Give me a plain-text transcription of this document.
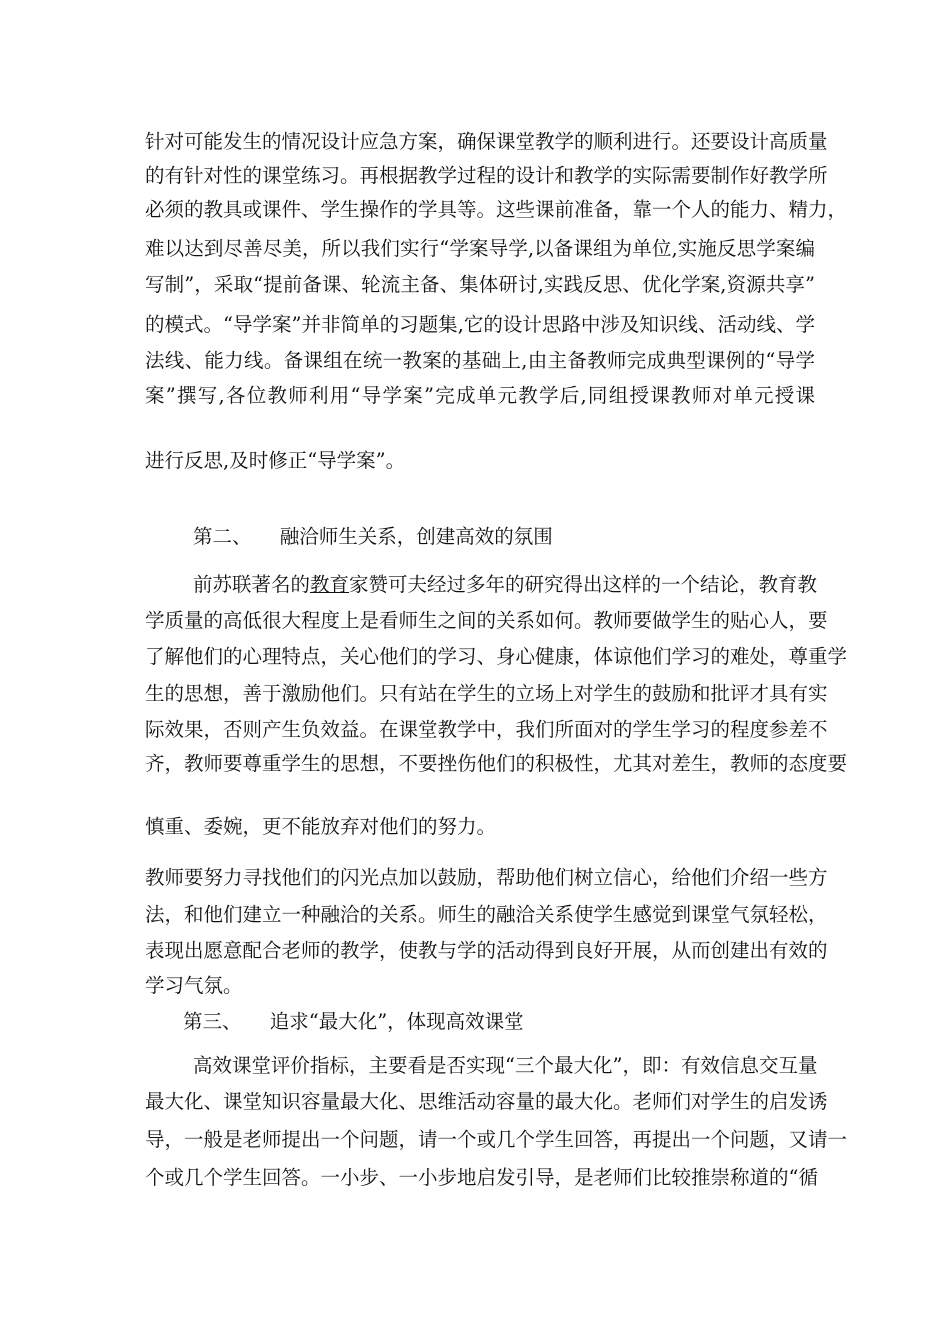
针对可能发生的情况设计应急方案，确保课堂教学的顺利进行。还要设计高质量
的有针对性的课堂练习。再根据教学过程的设计和教学的实际需要制作好教学所
必须的教具或课件、学生操作的学具等。这些课前准备，靠一个人的能力、精力，
难以达到尽善尽美，所以我们实行“学案导学,以备课组为单位,实施反思学案编
写制”，采取“提前备课、轮流主备、集体研讨,实践反思、优化学案,资源共享”
的模式。“导学案”并非简单的习题集,它的设计思路中涉及知识线、活动线、学
法线、能力线。备课组在统一教案的基础上,由主备教师完成典型课例的“导学
案”撰写,各位教师利用“导学案”完成单元教学后,同组授课教师对单元授课
进行反思,及时修正“导学案”。
第二、 融洽师生关系，创建高效的氛围
前苏联著名的教育家赞可夫经过多年的研究得出这样的一个结论，教育教
学质量的高低很大程度上是看师生之间的关系如何。教师要做学生的贴心人，要
了解他们的心理特点，关心他们的学习、身心健康，体谅他们学习的难处，尊重学
生的思想，善于激励他们。只有站在学生的立场上对学生的鼓励和批评才具有实
际效果，否则产生负效益。在课堂教学中，我们所面对的学生学习的程度参差不
齐，教师要尊重学生的思想，不要挫伤他们的积极性，尤其对差生，教师的态度要
慎重、委婉，更不能放弃对他们的努力。
教师要努力寻找他们的闪光点加以鼓励，帮助他们树立信心，给他们介绍一些方
法，和他们建立一种融洽的关系。师生的融洽关系使学生感觉到课堂气氛轻松，
表现出愿意配合老师的教学，使教与学的活动得到良好开展，从而创建出有效的
学习气氛。
第三、 追求“最大化”，体现高效课堂
高效课堂评价指标，主要看是否实现“三个最大化”，即：有效信息交互量
最大化、课堂知识容量最大化、思维活动容量的最大化。老师们对学生的启发诱
导，一般是老师提出一个问题，请一个或几个学生回答，再提出一个问题，又请一
个或几个学生回答。一小步、一小步地启发引导，是老师们比较推崇称道的“循
